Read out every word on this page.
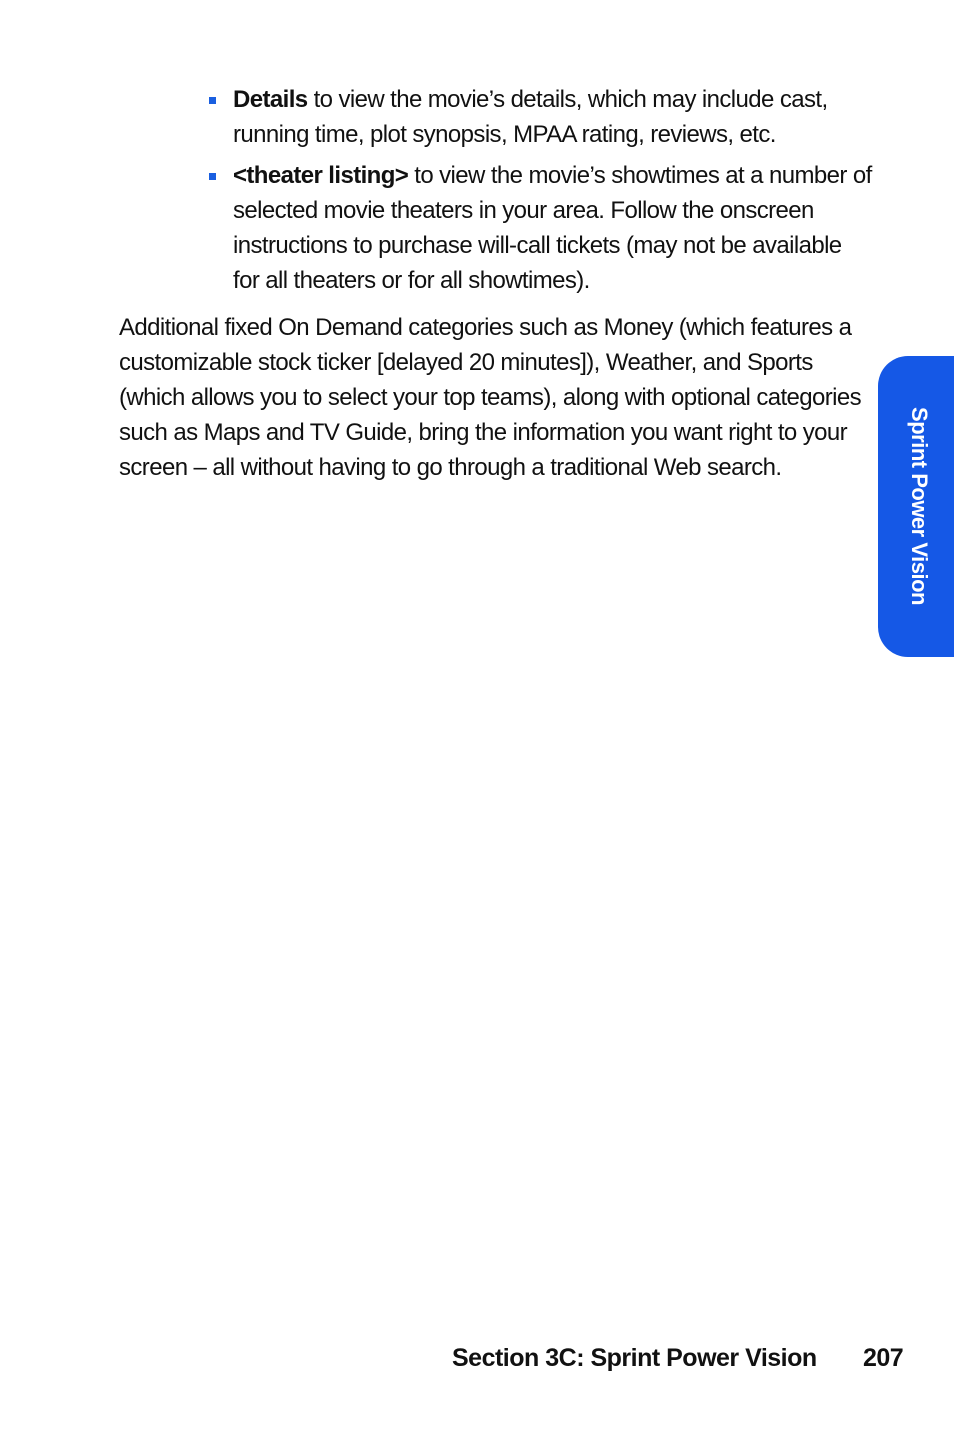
Details to view the movie’s details, which may include cast, running time, plot synopsis, MPAA rating, reviews, etc.
<theater listing> to view the movie’s showtimes at a number of selected movie theaters in your area. Follow the onscreen instructions to purchase will-call tickets (may not be available for all theaters or for all showtimes).

Additional fixed On Demand categories such as Money (which features a customizable stock ticker [delayed 20 minutes]), Weather, and Sports (which allows you to select your top teams), along with optional categories such as Maps and TV Guide, bring the information you want right to your screen – all without having to go through a traditional Web search.	Sprint Power Vision
Section 3C: Sprint Power Vision 207
